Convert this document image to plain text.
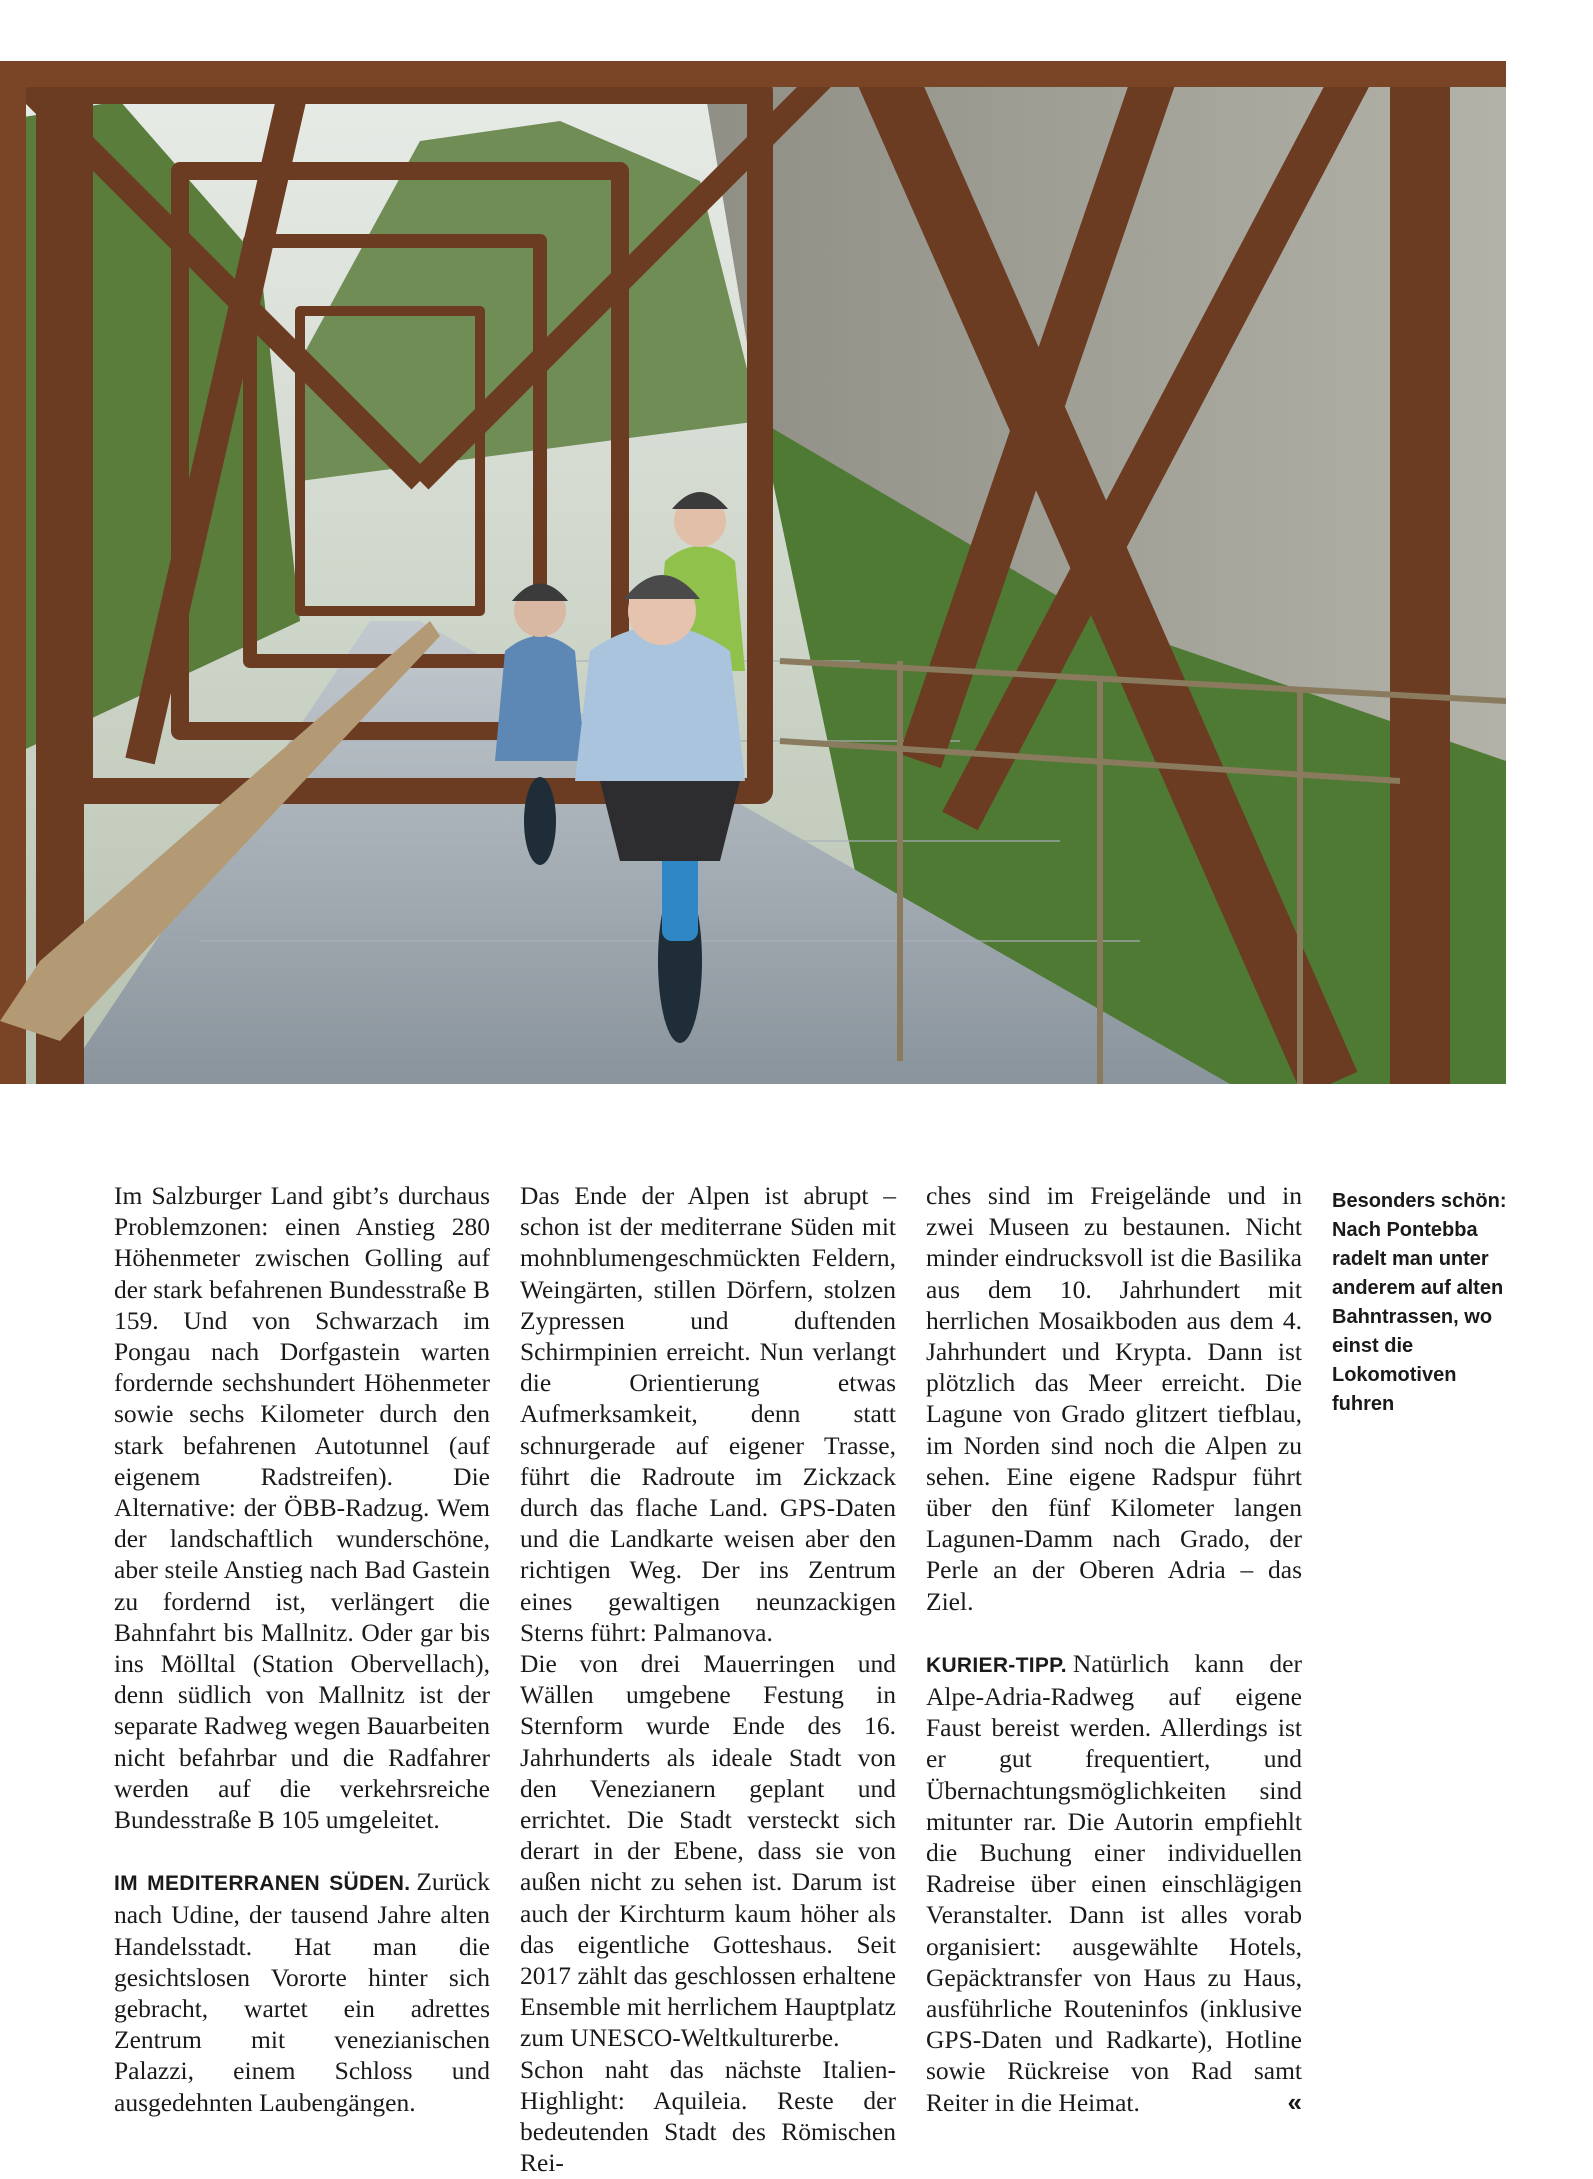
Im Salzburger Land gibt’s durchaus Problemzonen: einen Anstieg 280 Höhenmeter zwischen Golling auf der stark befahrenen Bundesstraße B 159. Und von Schwarzach im Pongau nach Dorfgastein warten fordernde sechshundert Höhenmeter sowie sechs Kilometer durch den stark befahrenen Autotunnel (auf eigenem Radstreifen). Die Alternative: der ÖBB-Radzug. Wem der landschaftlich wunderschöne, aber steile Anstieg nach Bad Gastein zu fordernd ist, verlängert die Bahnfahrt bis Mallnitz. Oder gar bis ins Mölltal (Station Obervellach), denn südlich von Mallnitz ist der separate Radweg wegen Bauarbeiten nicht befahrbar und die Radfahrer werden auf die verkehrsreiche Bundesstraße B 105 umgeleitet.

IM MEDITERRANEN SÜDEN. Zurück nach Udine, der tausend Jahre alten Handelsstadt. Hat man die gesichtslosen Vororte hinter sich gebracht, wartet ein adrettes Zentrum mit venezianischen Palazzi, einem Schloss und ausgedehnten Laubengängen.

Das Ende der Alpen ist abrupt – schon ist der mediterrane Süden mit mohnblumengeschmückten Feldern, Weingärten, stillen Dörfern, stolzen Zypressen und duftenden Schirmpinien erreicht. Nun verlangt die Orientierung etwas Aufmerksamkeit, denn statt schnurgerade auf eigener Trasse, führt die Radroute im Zickzack durch das flache Land. GPS-Daten und die Landkarte weisen aber den richtigen Weg. Der ins Zentrum eines gewaltigen neunzackigen Sterns führt: Palmanova.

Die von drei Mauerringen und Wällen umgebene Festung in Sternform wurde Ende des 16. Jahrhunderts als ideale Stadt von den Venezianern geplant und errichtet. Die Stadt versteckt sich derart in der Ebene, dass sie von außen nicht zu sehen ist. Darum ist auch der Kirchturm kaum höher als das eigentliche Gotteshaus. Seit 2017 zählt das geschlossen erhaltene Ensemble mit herrlichem Hauptplatz zum UNESCO-Weltkulturerbe.

Schon naht das nächste Italien-Highlight: Aquileia. Reste der bedeutenden Stadt des Römischen Rei-

ches sind im Freigelände und in zwei Museen zu bestaunen. Nicht minder eindrucksvoll ist die Basilika aus dem 10. Jahrhundert mit herrlichen Mosaikboden aus dem 4. Jahrhundert und Krypta. Dann ist plötzlich das Meer erreicht. Die Lagune von Grado glitzert tiefblau, im Norden sind noch die Alpen zu sehen. Eine eigene Radspur führt über den fünf Kilometer langen Lagunen-Damm nach Grado, der Perle an der Oberen Adria – das Ziel.

KURIER-TIPP. Natürlich kann der Alpe-Adria-Radweg auf eigene Faust bereist werden. Allerdings ist er gut frequentiert, und Übernachtungsmöglichkeiten sind mitunter rar. Die Autorin empfiehlt die Buchung einer individuellen Radreise über einen einschlägigen Veranstalter. Dann ist alles vorab organisiert: ausgewählte Hotels, Gepäcktransfer von Haus zu Haus, ausführliche Routeninfos (inklusive GPS-Daten und Radkarte), Hotline sowie Rückreise von Rad samt Reiter in die Heimat.	«

Besonders schön: Nach Pontebba radelt man unter anderem auf alten Bahntrassen, wo einst die Lokomotiven fuhren
